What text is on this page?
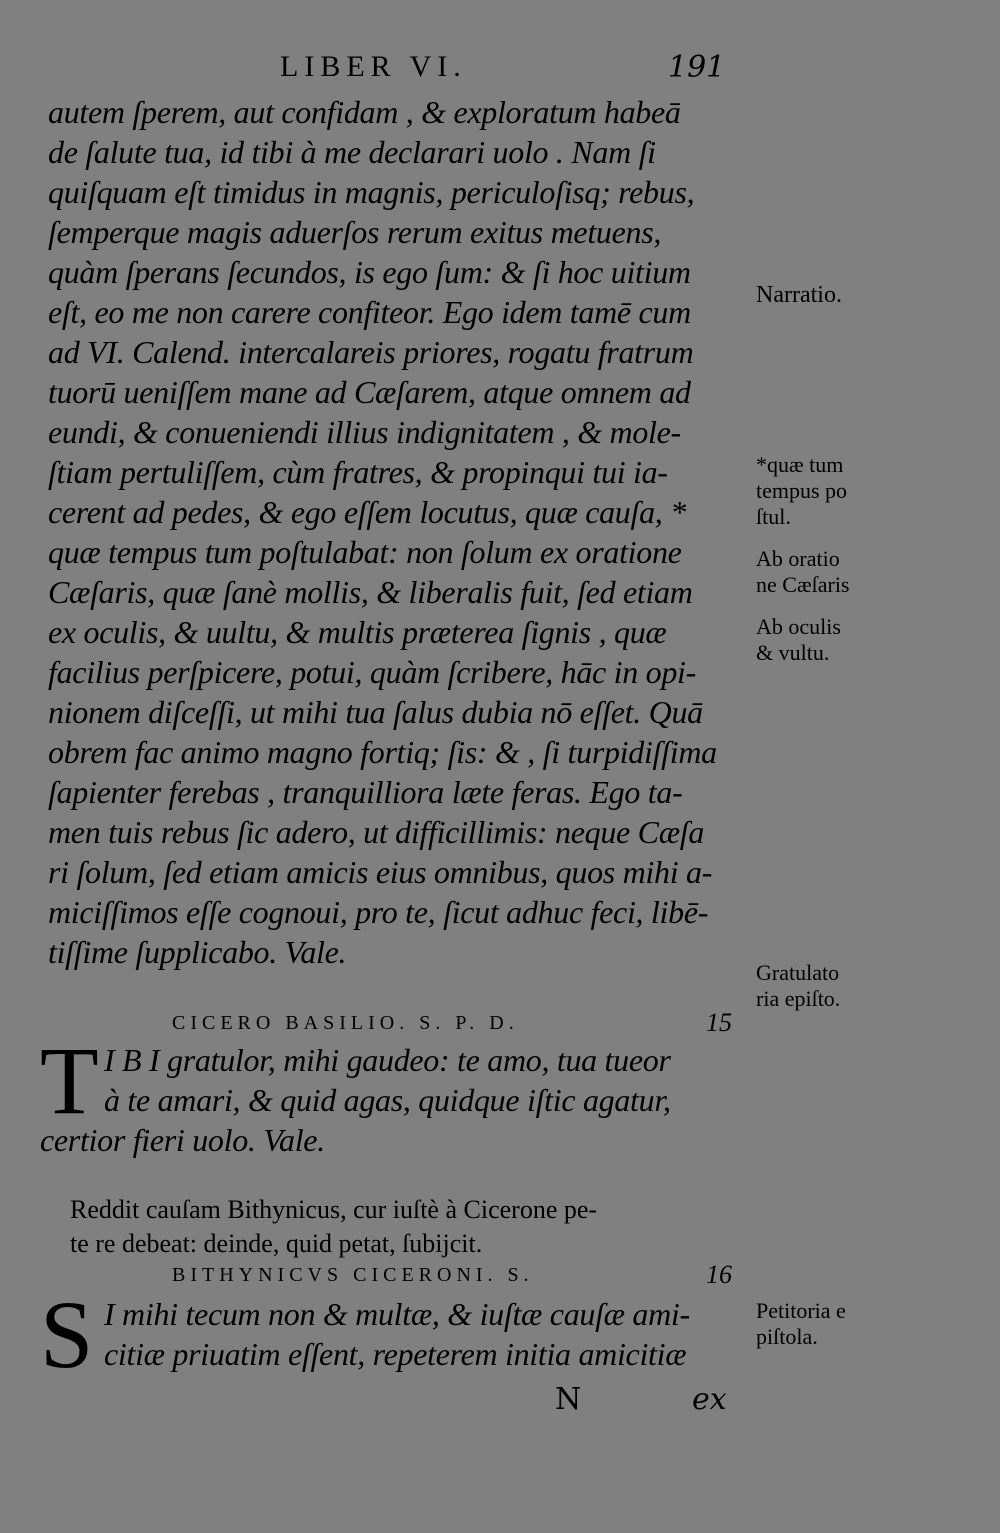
LIBER VI.	191
autem ſperem, aut confidam , & exploratum habeā
de ſalute tua, id tibi à me declarari uolo . Nam ſi
quiſquam eſt timidus in magnis, periculoſisq; rebus,
ſemperque magis aduerſos rerum exitus metuens,
quàm ſperans ſecundos, is ego ſum: & ſi hoc uitium
eſt, eo me non carere confiteor. Ego idem tamē cum
ad VI. Calend. intercalareis priores, rogatu fratrum
tuorū ueniſſem mane ad Cæſarem, atque omnem ad
eundi, & conueniendi illius indignitatem , & mole-
ſtiam pertuliſſem, cùm fratres, & propinqui tui ia-
cerent ad pedes, & ego eſſem locutus, quæ cauſa, *
quæ tempus tum poſtulabat: non ſolum ex oratione
Cæſaris, quæ ſanè mollis, & liberalis fuit, ſed etiam
ex oculis, & uultu, & multis præterea ſignis , quæ
facilius perſpicere, potui, quàm ſcribere, hāc in opi-
nionem diſceſſi, ut mihi tua ſalus dubia nō eſſet. Quā
obrem fac animo magno fortiq; ſis: & , ſi turpidiſſima
ſapienter ferebas , tranquilliora læte feras. Ego ta-
men tuis rebus ſic adero, ut difficillimis: neque Cæſa
ri ſolum, ſed etiam amicis eius omnibus, quos mihi a-
miciſſimos eſſe cognoui, pro te, ſicut adhuc feci, libē-
tiſſime ſupplicabo. Vale.
CICERO BASILIO. S. P. D.	15
T I B I gratulor, mihi gaudeo: te amo, tua tueor
à te amari, & quid agas, quidque iſtic agatur,
certior fieri uolo. Vale.
Reddit cauſam Bithynicus, cur iuſtè à Cicerone pe-
te re debeat: deinde, quid petat, ſubijcit.
BITHYNICVS CICERONI. S.	16
S I mihi tecum non & multæ, & iuſtæ cauſæ ami-
citiæ priuatim eſſent, repeterem initia amicitiæ
N	ex
Narratio.
*quæ tum
tempus po
ſtul.
Ab oratio
ne Cæſaris
Ab oculis
& vultu.
Gratulato
ria epiſto.
Petitoria e
piſtola.
